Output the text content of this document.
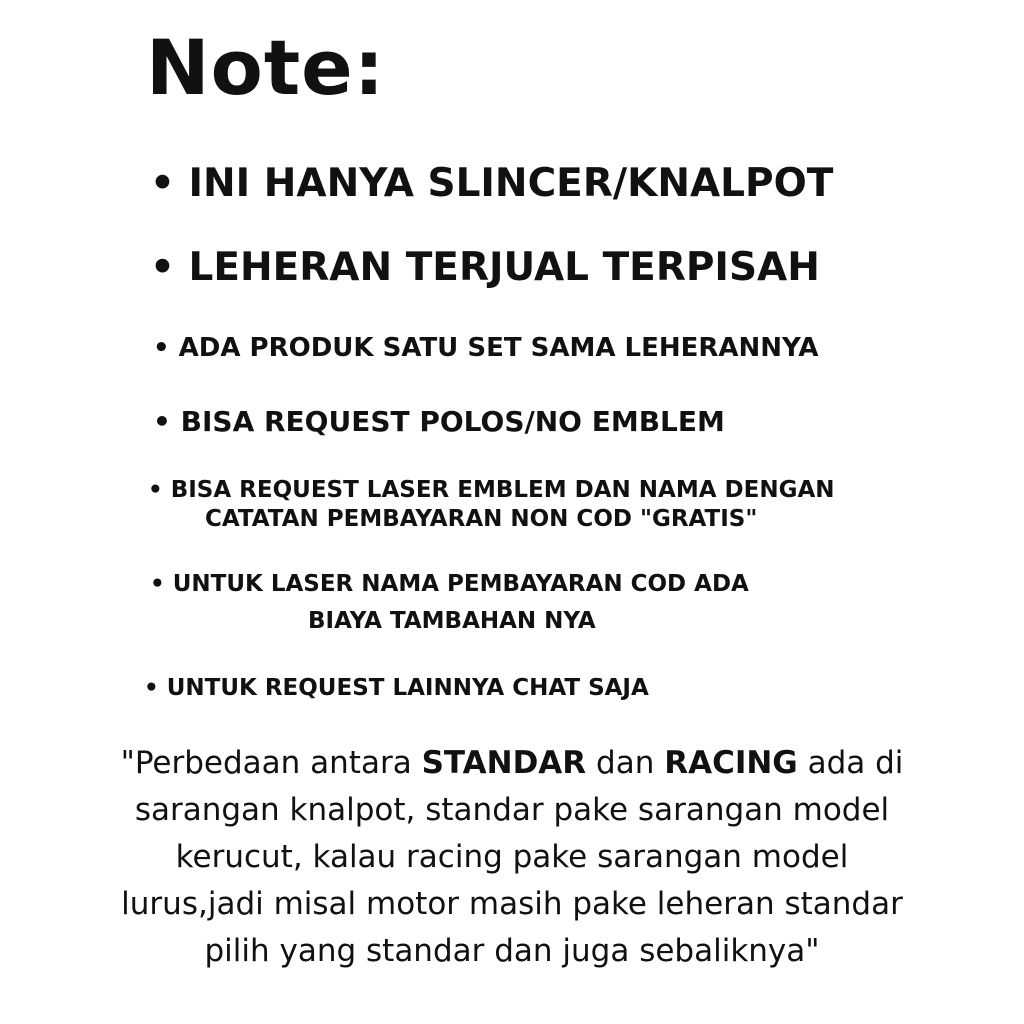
Note:

• INI HANYA SLINCER/KNALPOT

• LEHERAN TERJUAL TERPISAH

• ADA PRODUK SATU SET SAMA LEHERANNYA

• BISA REQUEST POLOS/NO EMBLEM

• BISA REQUEST LASER EMBLEM DAN NAMA DENGAN
CATATAN PEMBAYARAN NON COD "GRATIS"

• UNTUK LASER NAMA PEMBAYARAN COD ADA
BIAYA TAMBAHAN NYA

• UNTUK REQUEST LAINNYA CHAT SAJA

"Perbedaan antara STANDAR dan RACING ada di sarangan knalpot, standar pake sarangan model kerucut, kalau racing pake sarangan model lurus,jadi misal motor masih pake leheran standar pilih yang standar dan juga sebaliknya"
